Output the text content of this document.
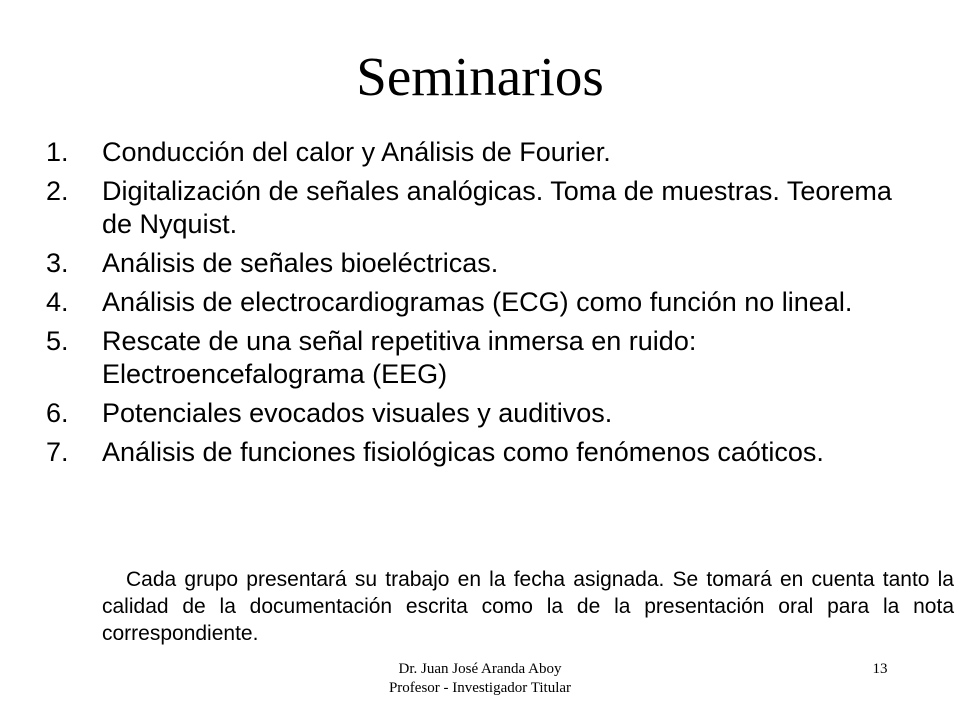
Seminarios
1.	Conducción del calor y Análisis de Fourier.
2.	Digitalización de señales analógicas. Toma de muestras. Teorema de Nyquist.
3.	Análisis de señales bioeléctricas.
4.	Análisis de electrocardiogramas (ECG) como función no lineal.
5.	Rescate de una señal repetitiva inmersa en ruido: Electroencefalograma (EEG)
6.	Potenciales evocados visuales y auditivos.
7.	Análisis de funciones fisiológicas como fenómenos caóticos.

Cada grupo presentará su trabajo en la fecha asignada. Se tomará en cuenta tanto la calidad de la documentación escrita como la de la presentación oral para la nota correspondiente.

Dr. Juan José Aranda Aboy
Profesor - Investigador Titular
13
